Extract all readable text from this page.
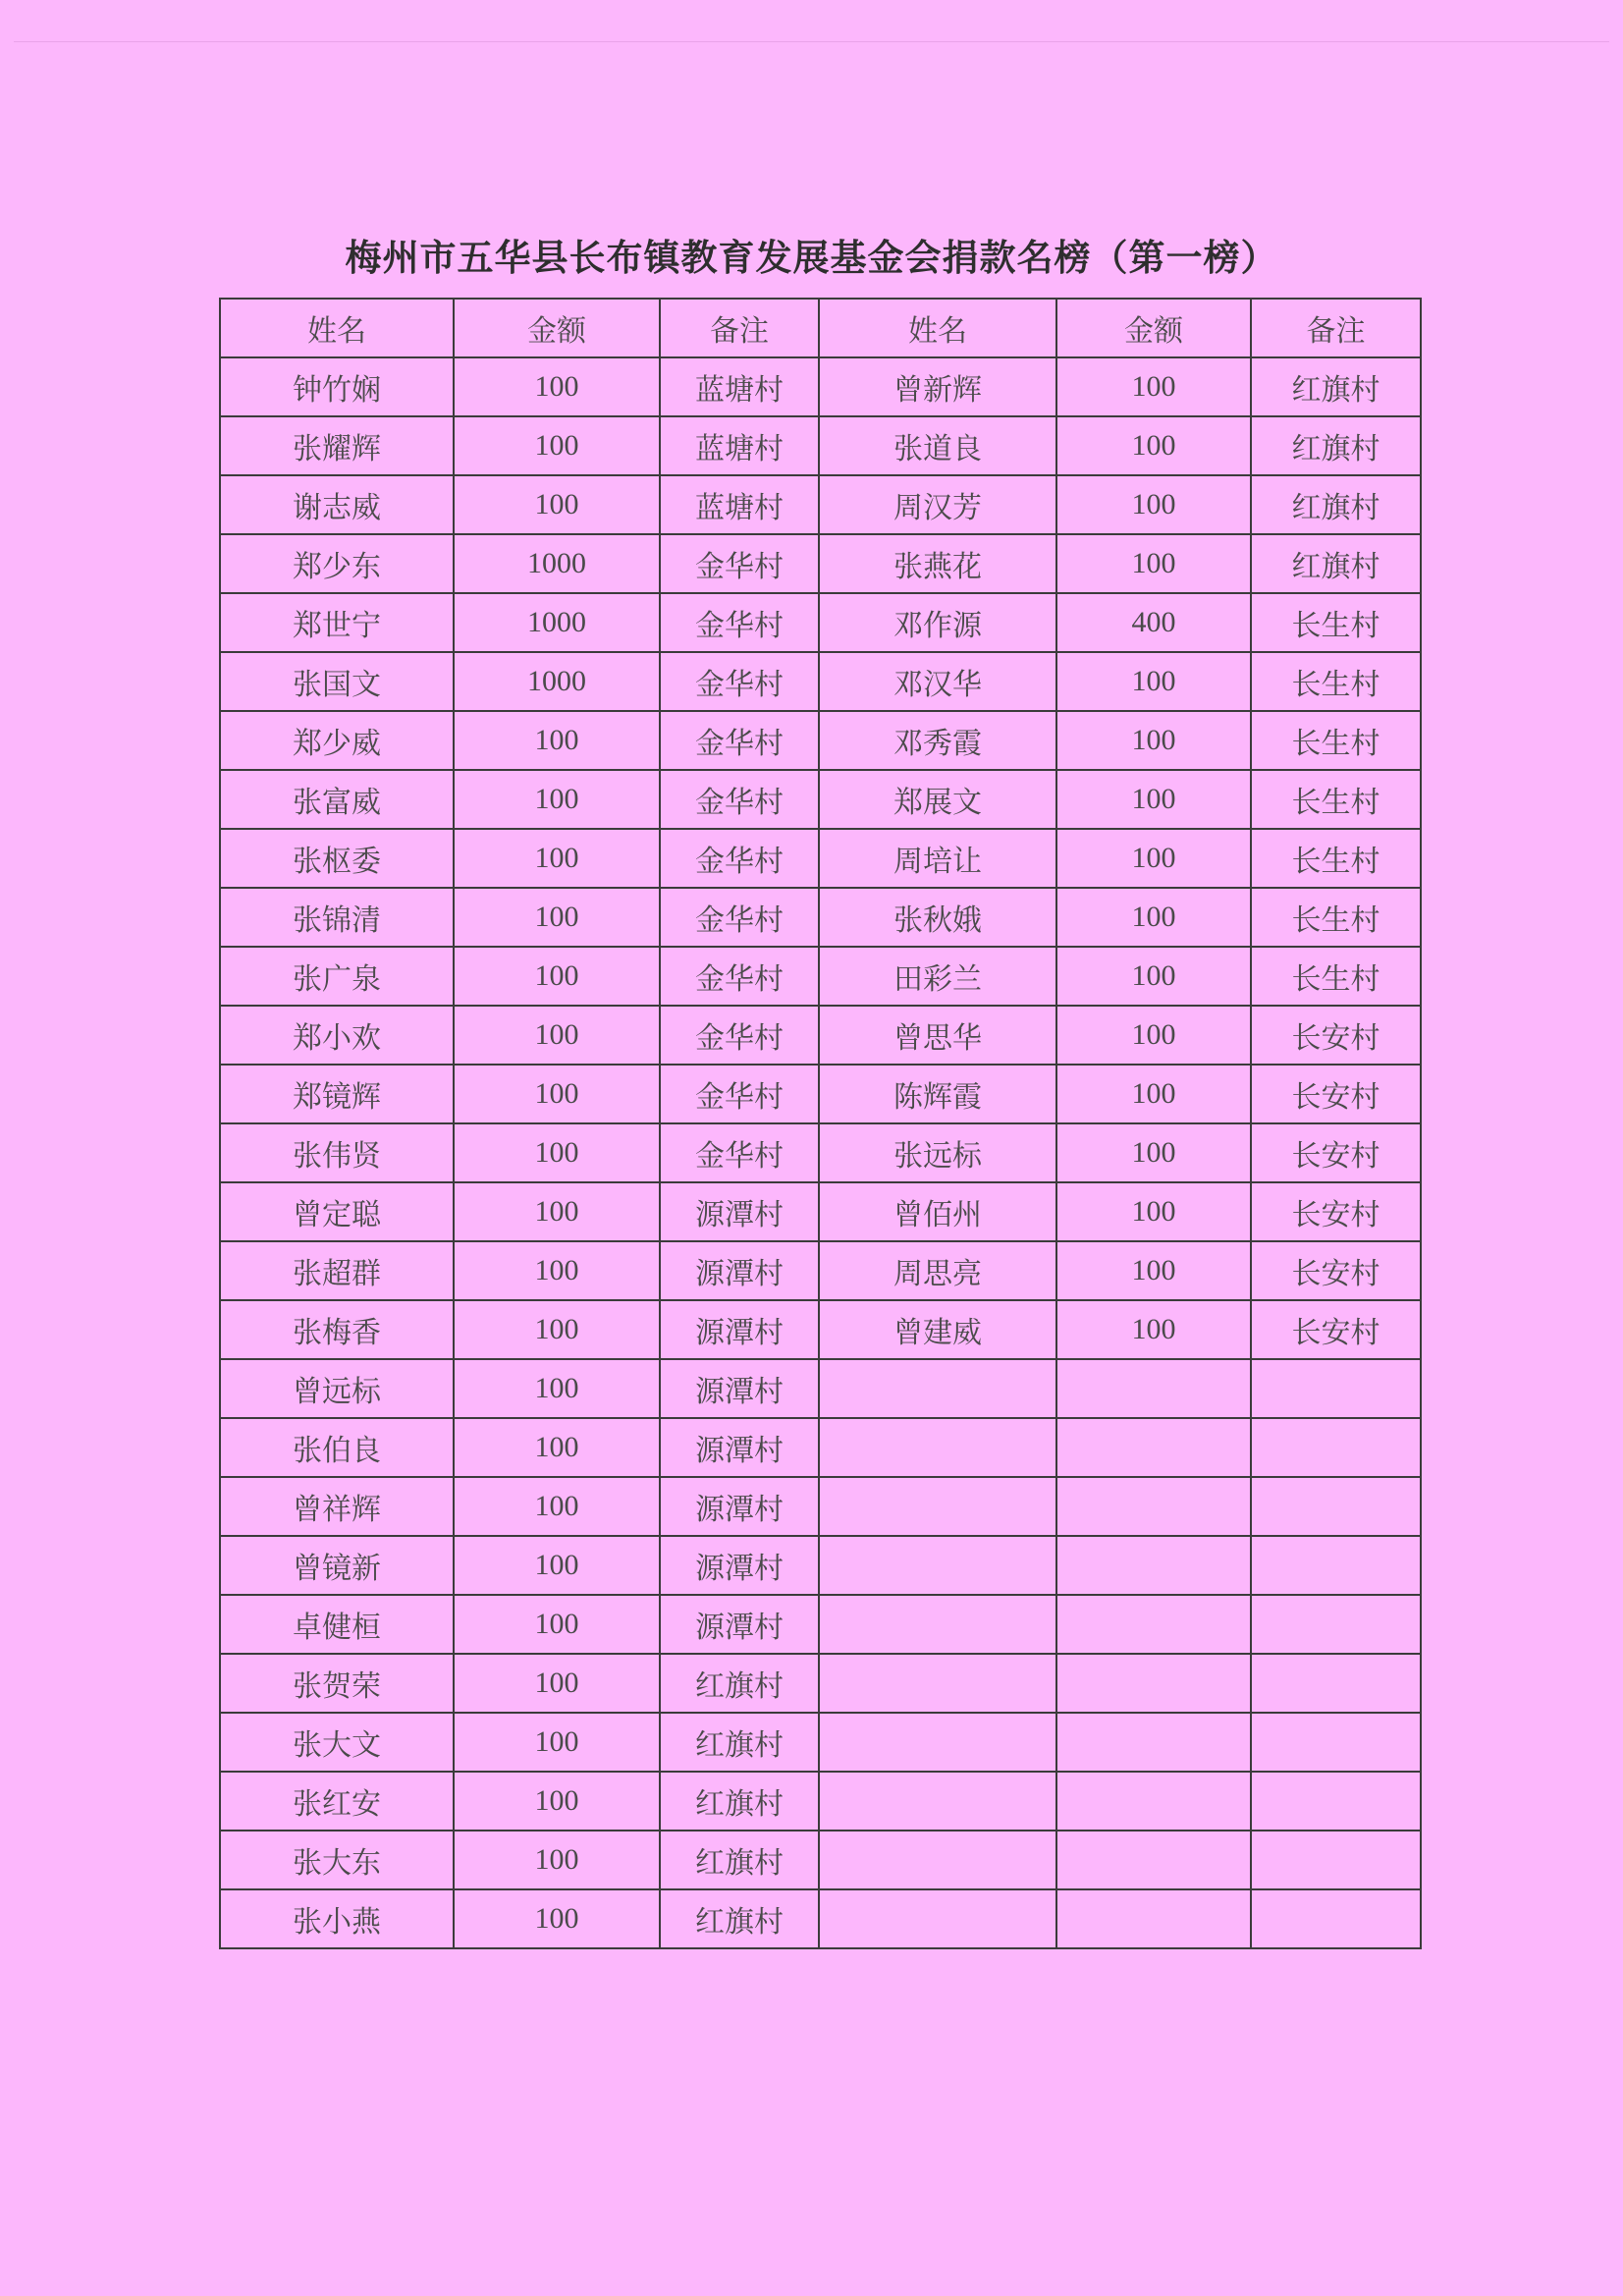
梅州市五华县长布镇教育发展基金会捐款名榜（第一榜）
姓名	金额	备注	姓名	金额	备注
钟竹娴	100	蓝塘村	曾新辉	100	红旗村
张耀辉	100	蓝塘村	张道良	100	红旗村
谢志威	100	蓝塘村	周汉芳	100	红旗村
郑少东	1000	金华村	张燕花	100	红旗村
郑世宁	1000	金华村	邓作源	400	长生村
张国文	1000	金华村	邓汉华	100	长生村
郑少威	100	金华村	邓秀霞	100	长生村
张富威	100	金华村	郑展文	100	长生村
张枢委	100	金华村	周培让	100	长生村
张锦清	100	金华村	张秋娥	100	长生村
张广泉	100	金华村	田彩兰	100	长生村
郑小欢	100	金华村	曾思华	100	长安村
郑镜辉	100	金华村	陈辉霞	100	长安村
张伟贤	100	金华村	张远标	100	长安村
曾定聪	100	源潭村	曾佰州	100	长安村
张超群	100	源潭村	周思亮	100	长安村
张梅香	100	源潭村	曾建威	100	长安村
曾远标	100	源潭村			
张伯良	100	源潭村			
曾祥辉	100	源潭村			
曾镜新	100	源潭村			
卓健桓	100	源潭村			
张贺荣	100	红旗村			
张大文	100	红旗村			
张红安	100	红旗村			
张大东	100	红旗村			
张小燕	100	红旗村			
